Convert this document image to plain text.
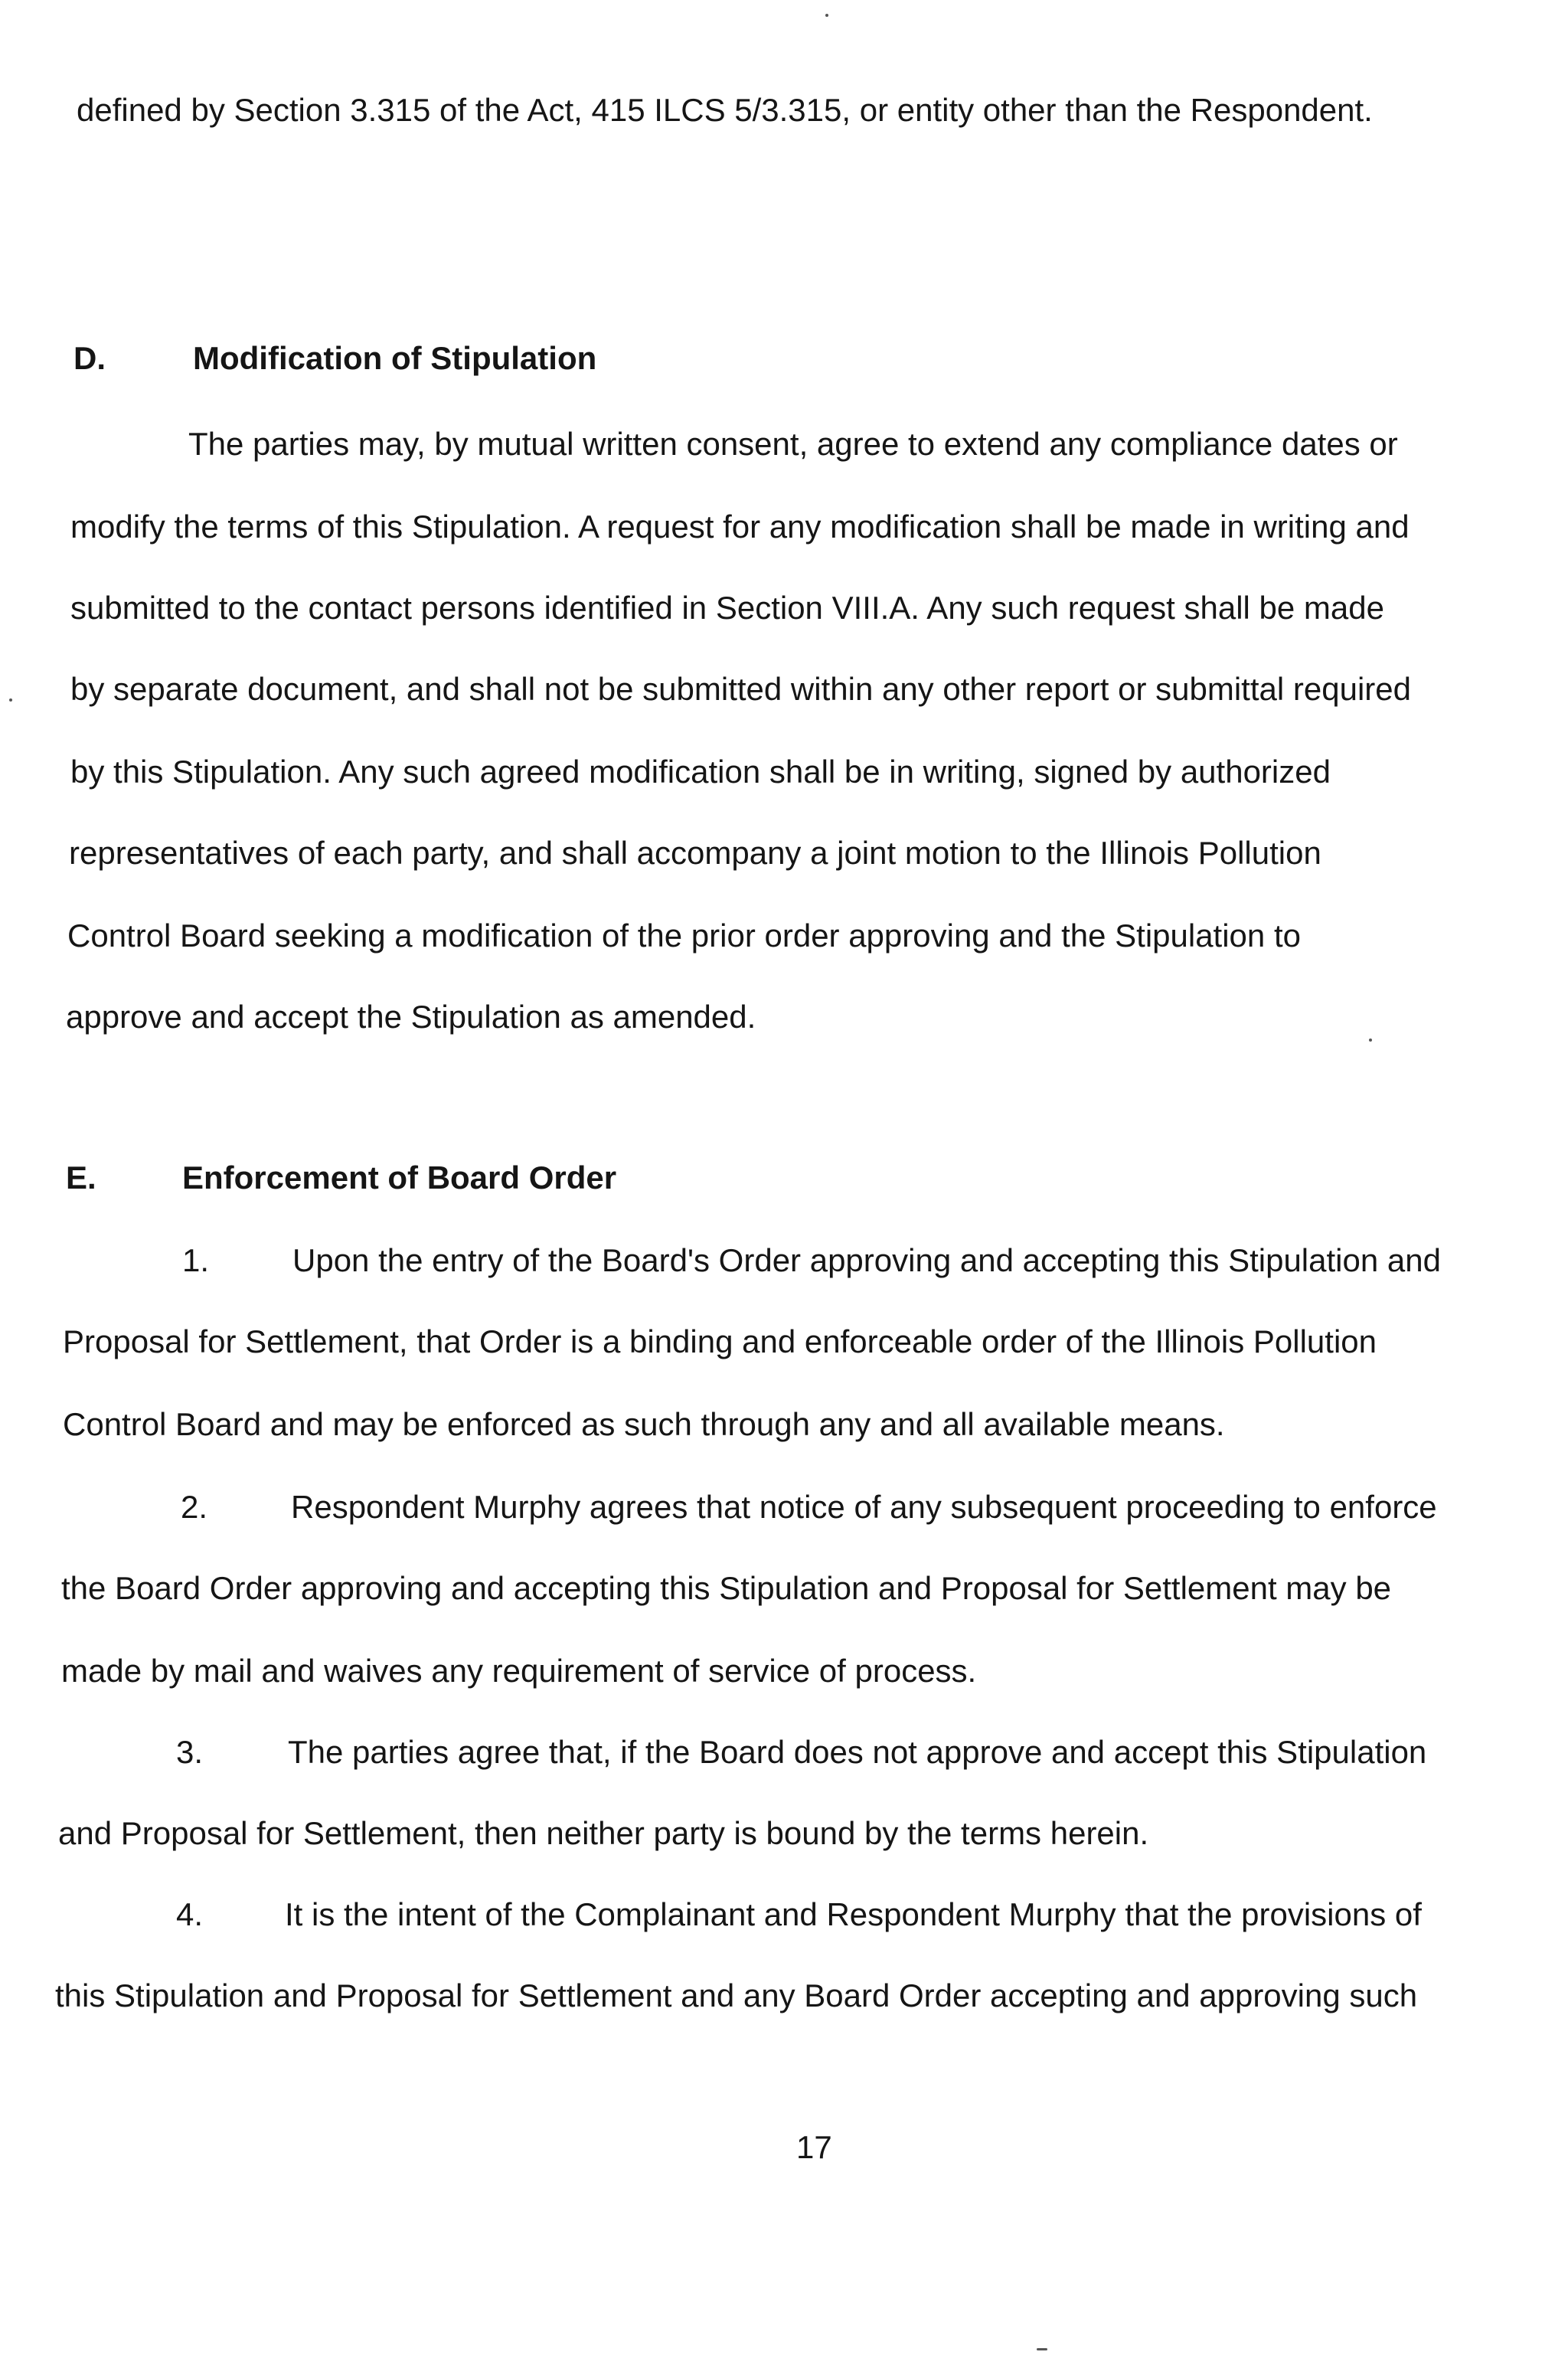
defined by Section 3.315 of the Act, 415 ILCS 5/3.315, or entity other than the Respondent.
D.	Modification of Stipulation
The parties may, by mutual written consent, agree to extend any compliance dates or
modify the terms of this Stipulation. A request for any modification shall be made in writing and
submitted to the contact persons identified in Section VIII.A. Any such request shall be made
by separate document, and shall not be submitted within any other report or submittal required
by this Stipulation. Any such agreed modification shall be in writing, signed by authorized
representatives of each party, and shall accompany a joint motion to the Illinois Pollution
Control Board seeking a modification of the prior order approving and the Stipulation to
approve and accept the Stipulation as amended.
E.	Enforcement of Board Order
1.	Upon the entry of the Board's Order approving and accepting this Stipulation and
Proposal for Settlement, that Order is a binding and enforceable order of the Illinois Pollution
Control Board and may be enforced as such through any and all available means.
2.	Respondent Murphy agrees that notice of any subsequent proceeding to enforce
the Board Order approving and accepting this Stipulation and Proposal for Settlement may be
made by mail and waives any requirement of service of process.
3.	The parties agree that, if the Board does not approve and accept this Stipulation
and Proposal for Settlement, then neither party is bound by the terms herein.
4.	It is the intent of the Complainant and Respondent Murphy that the provisions of
this Stipulation and Proposal for Settlement and any Board Order accepting and approving such
17
